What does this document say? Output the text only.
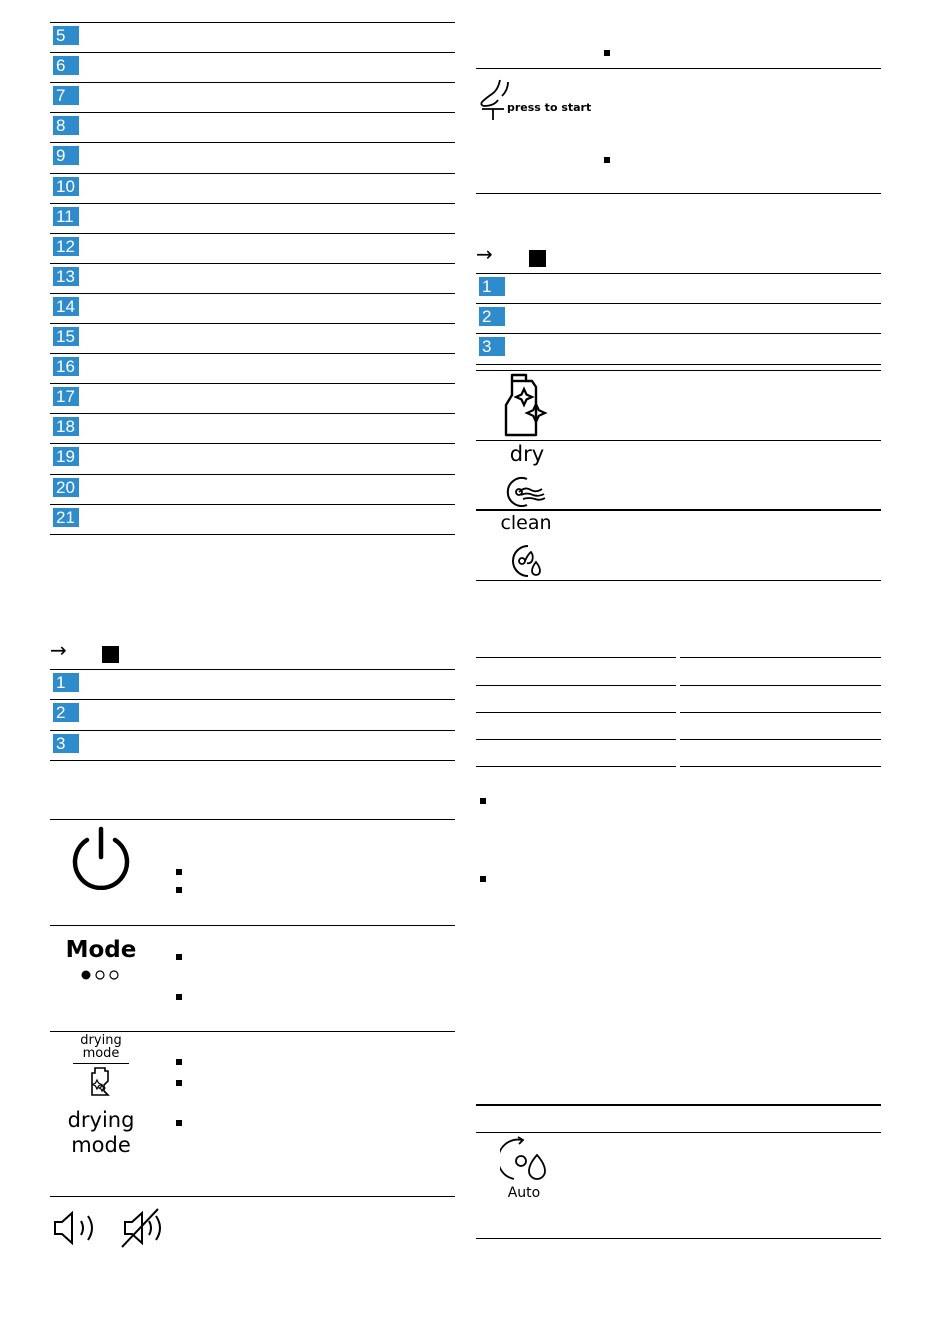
5
6
7
8
9
10
11
12
13
14
15
16
17
18
19
20
21
→
1
2
3
Mode
drying
mode
drying
mode
press to start
→
1
2
3
dry
clean
Auto
